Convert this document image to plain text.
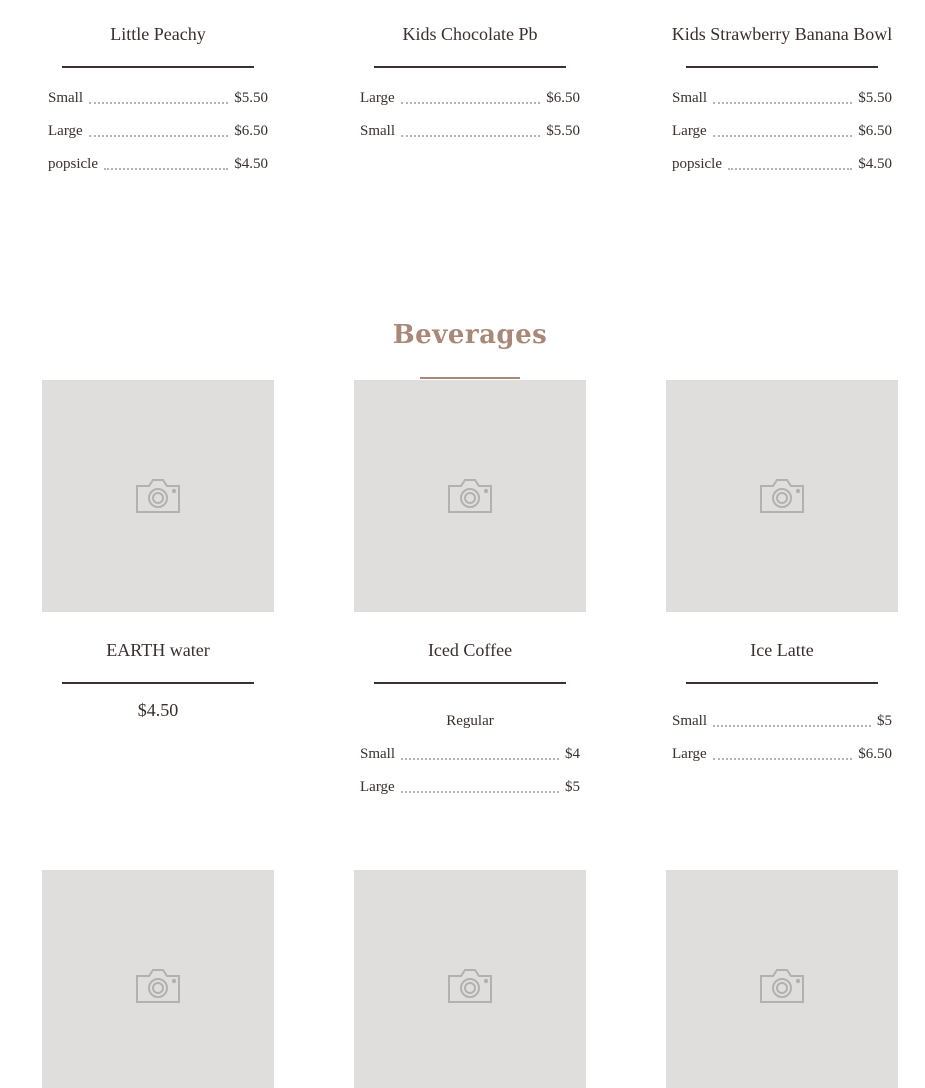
Little Peachy
Small	$5.50
Large	$6.50
popsicle	$4.50
Kids Chocolate Pb
Large	$6.50
Small	$5.50
Kids Strawberry Banana Bowl
Small	$5.50
Large	$6.50
popsicle	$4.50
Beverages
EARTH water
$4.50
Iced Coffee
Regular
Small	$4
Large	$5
Ice Latte
Small	$5
Large	$6.50
